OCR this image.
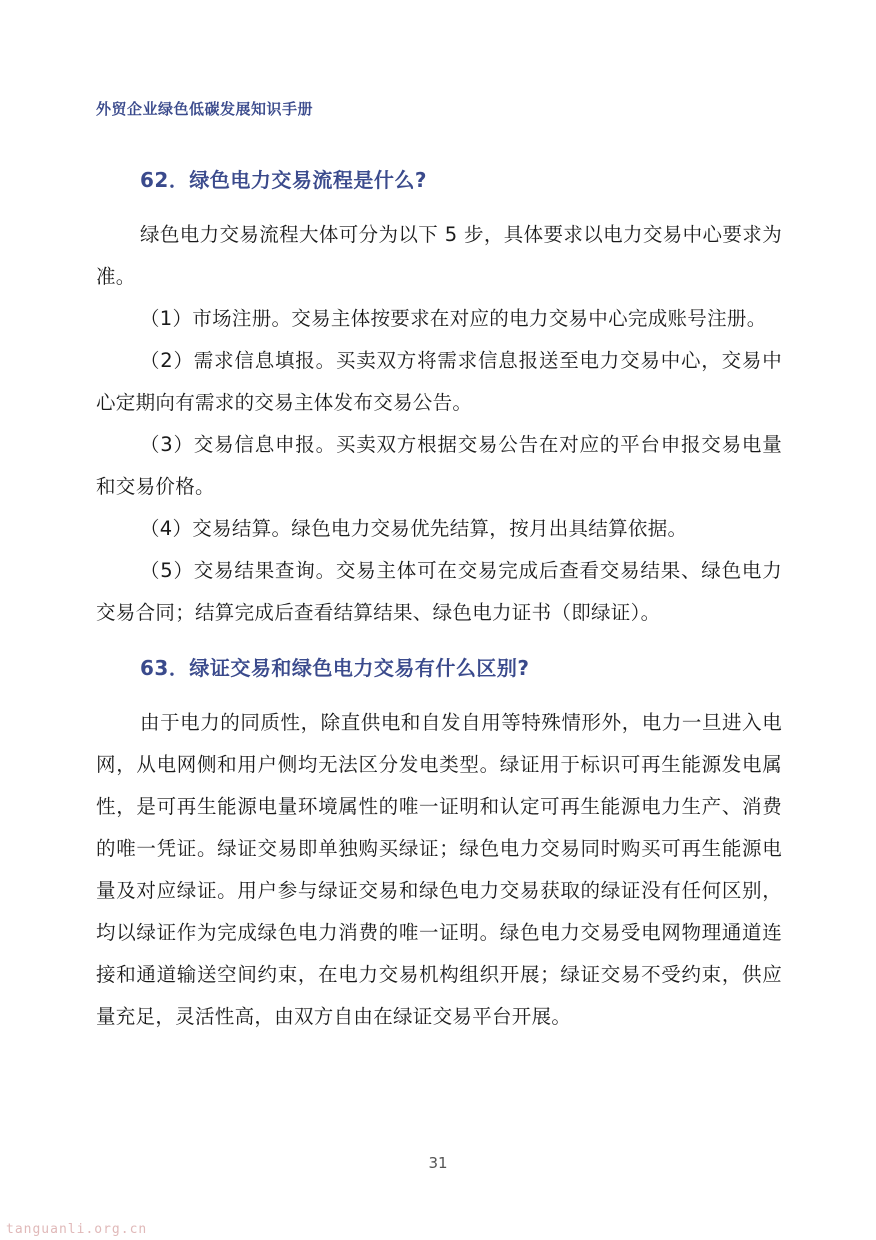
外贸企业绿色低碳发展知识手册
62．绿色电力交易流程是什么?

绿色电力交易流程大体可分为以下 5 步，具体要求以电力交易中心要求为准。

（1）市场注册。交易主体按要求在对应的电力交易中心完成账号注册。

（2）需求信息填报。买卖双方将需求信息报送至电力交易中心，交易中心定期向有需求的交易主体发布交易公告。

（3）交易信息申报。买卖双方根据交易公告在对应的平台申报交易电量和交易价格。

（4）交易结算。绿色电力交易优先结算，按月出具结算依据。

（5）交易结果查询。交易主体可在交易完成后查看交易结果、绿色电力交易合同；结算完成后查看结算结果、绿色电力证书（即绿证）。

63．绿证交易和绿色电力交易有什么区别?

由于电力的同质性，除直供电和自发自用等特殊情形外，电力一旦进入电网，从电网侧和用户侧均无法区分发电类型。绿证用于标识可再生能源发电属性，是可再生能源电量环境属性的唯一证明和认定可再生能源电力生产、消费的唯一凭证。绿证交易即单独购买绿证；绿色电力交易同时购买可再生能源电量及对应绿证。用户参与绿证交易和绿色电力交易获取的绿证没有任何区别，均以绿证作为完成绿色电力消费的唯一证明。绿色电力交易受电网物理通道连接和通道输送空间约束，在电力交易机构组织开展；绿证交易不受约束，供应量充足，灵活性高，由双方自由在绿证交易平台开展。

31
tanguanli.org.cn
